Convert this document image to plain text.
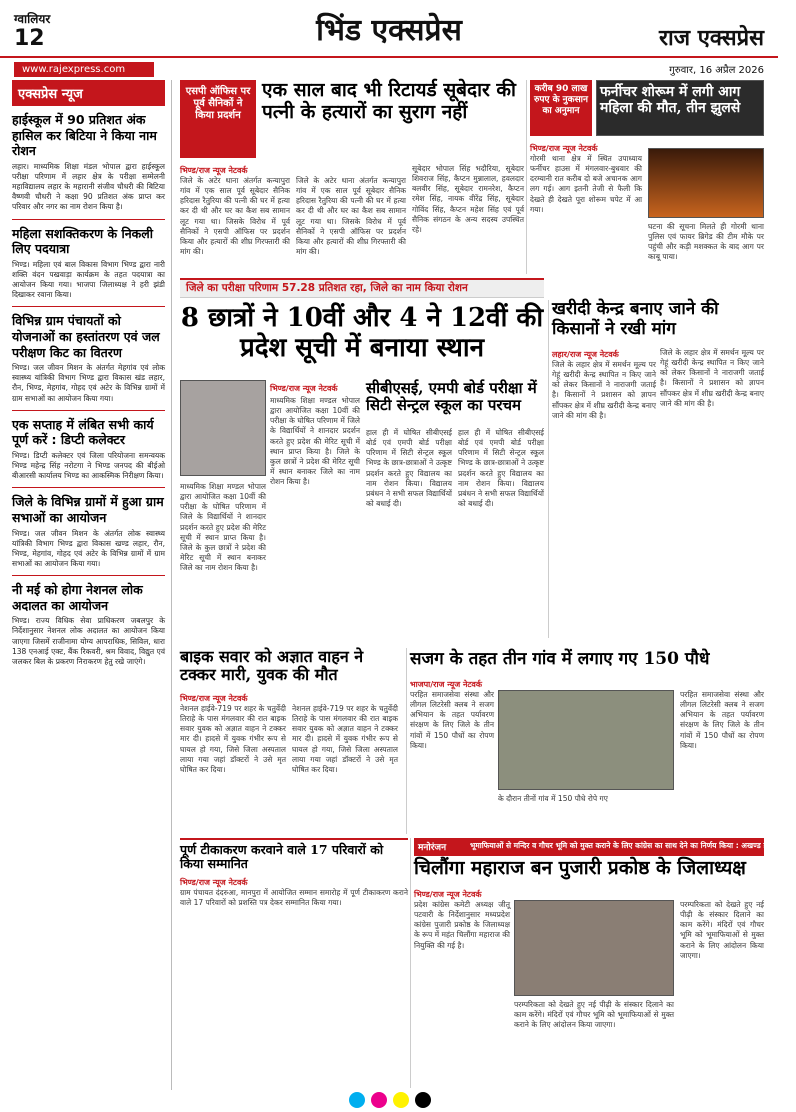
ग्वालियर
12	भिंड एक्सप्रेस	राज एक्सप्रेस
www.rajexpress.com	गुरुवार, 16 अप्रैल 2026
एक्सप्रेस न्यूज
हाईस्कूल में 90 प्रतिशत अंक हासिल कर बिटिया ने किया नाम रोशन
लहार। माध्यमिक शिक्षा मंडल भोपाल द्वारा हाईस्कूल परीक्षा परिणाम में लहार क्षेत्र के परीक्षा सम्मेलनी महाविद्यालय लहार के महारानी संजीव चौधरी की बिटिया वैष्णवी चौधरी ने कक्षा 90 प्रतिशत अंक प्राप्त कर परिवार और नगर का नाम रोशन किया है।
महिला सशक्तिकरण के निकली लिए पदयात्रा
भिण्ड। महिला एवं बाल विकास विभाग भिण्ड द्वारा नारी शक्ति वंदन पखवाड़ा कार्यक्रम के तहत पदयात्रा का आयोजन किया गया। भाजपा जिलाध्यक्ष ने हरी झंडी दिखाकर रवाना किया।
विभिन्न ग्राम पंचायतों को योजनाओं का हस्तांतरण एवं जल परीक्षण किट का वितरण
भिण्ड। जल जीवन मिशन के अंतर्गत मेहगांव एवं लोक स्वास्थ्य यांत्रिकी विभाग भिण्ड द्वारा विकास खंड लहार, रौन, भिण्ड, मेहगांव, गोहद एवं अटेर के विभिन्न ग्रामों में ग्राम सभाओं का आयोजन किया गया।
एक सप्ताह में लंबित सभी कार्य पूर्ण करें : डिप्टी कलेक्टर
भिण्ड। डिप्टी कलेक्टर एवं जिला परियोजना समन्वयक भिण्ड महेन्द्र सिंह नरोटगा ने भिण्ड जनपद की बीईओ बीआरसी कार्यालय भिण्ड का आकस्मिक निरीक्षण किया।
जिले के विभिन्न ग्रामों में हुआ ग्राम सभाओं का आयोजन
भिण्ड। जल जीवन मिशन के अंतर्गत लोक स्वास्थ्य यांत्रिकी विभाग भिण्ड द्वारा विकास खण्ड लहार, रौन, भिण्ड, मेहगांव, गोहद एवं अटेर के विभिन्न ग्रामों में ग्राम सभाओं का आयोजन किया गया।
नी मई को होगा नेशनल लोक अदालत का आयोजन
भिण्ड। राज्य विधिक सेवा प्राधिकरण जबलपुर के निर्देशानुसार नेशनल लोक अदालत का आयोजन किया जाएगा जिसमें राजीनामा योग्य आपराधिक, सिविल, धारा 138 एनआई एक्ट, बैंक रिकवरी, श्रम विवाद, विद्युत एवं जलकर बिल के प्रकरण निराकरण हेतु रखे जाएंगे।
एसपी ऑफिस पर पूर्व सैनिकों ने किया प्रदर्शन
एक साल बाद भी रिटायर्ड सूबेदार की पत्नी के हत्यारों का सुराग नहीं
भिण्ड/राज न्यूज नेटवर्क
जिले के अटेर थाना अंतर्गत कन्यापुरा गांव में एक साल पूर्व सूबेदार सैनिक हरिदास रैतुरिया की पत्नी की घर में हत्या कर दी थी और घर का कैश सब सामान लूट गया था। जिसके विरोध में पूर्व सैनिकों ने एसपी ऑफिस पर प्रदर्शन किया और हत्यारों की शीघ्र गिरफ्तारी की मांग की।
जिले के अटेर थाना अंतर्गत कन्यापुरा गांव में एक साल पूर्व सूबेदार सैनिक हरिदास रैतुरिया की पत्नी की घर में हत्या कर दी थी और घर का कैश सब सामान लूट गया था। जिसके विरोध में पूर्व सैनिकों ने एसपी ऑफिस पर प्रदर्शन किया और हत्यारों की शीघ्र गिरफ्तारी की मांग की।
सूबेदार भोपाल सिंह भदौरिया, सूबेदार शिवराज सिंह, कैप्टन मुन्नालाल, हवलदार बलवीर सिंह, सूबेदार रामनरेश, कैप्टन रमेश सिंह, नायक वीरेंद्र सिंह, सूबेदार गोविंद सिंह, कैप्टन महेश सिंह एवं पूर्व सैनिक संगठन के अन्य सदस्य उपस्थित रहे।
करीब 90 लाख रुपए के नुकसान का अनुमान
फर्नीचर शोरूम में लगी आग महिला की मौत, तीन झुलसे
भिण्ड/राज न्यूज नेटवर्क
गोरमी थाना क्षेत्र में स्थित उपाध्याय फर्नीचर हाउस में मंगलवार-बुधवार की दरम्यानी रात करीब दो बजे अचानक आग लग गई। आग इतनी तेजी से फैली कि देखते ही देखते पूरा शोरूम चपेट में आ गया।
घटना की सूचना मिलते ही गोरमी थाना पुलिस एवं फायर ब्रिगेड की टीम मौके पर पहुंची और कड़ी मशक्कत के बाद आग पर काबू पाया।
जिले का परीक्षा परिणाम 57.28 प्रतिशत रहा, जिले का नाम किया रोशन
8 छात्रों ने 10वीं और 4 ने 12वीं की प्रदेश सूची में बनाया स्थान
भिण्ड/राज न्यूज नेटवर्क
माध्यमिक शिक्षा मण्डल भोपाल द्वारा आयोजित कक्षा 10वीं की परीक्षा के घोषित परिणाम में जिले के विद्यार्थियों ने शानदार प्रदर्शन करते हुए प्रदेश की मेरिट सूची में स्थान प्राप्त किया है। जिले के कुल छात्रों ने प्रदेश की मेरिट सूची में स्थान बनाकर जिले का नाम रोशन किया है।
सीबीएसई, एमपी बोर्ड परीक्षा में सिटी सेन्ट्रल स्कूल का परचम
हाल ही में घोषित सीबीएसई बोर्ड एवं एमपी बोर्ड परीक्षा परिणाम में सिटी सेन्ट्रल स्कूल भिण्ड के छात्र-छात्राओं ने उत्कृष्ट प्रदर्शन करते हुए विद्यालय का नाम रोशन किया। विद्यालय प्रबंधन ने सभी सफल विद्यार्थियों को बधाई दी।
हाल ही में घोषित सीबीएसई बोर्ड एवं एमपी बोर्ड परीक्षा परिणाम में सिटी सेन्ट्रल स्कूल भिण्ड के छात्र-छात्राओं ने उत्कृष्ट प्रदर्शन करते हुए विद्यालय का नाम रोशन किया। विद्यालय प्रबंधन ने सभी सफल विद्यार्थियों को बधाई दी।
माध्यमिक शिक्षा मण्डल भोपाल द्वारा आयोजित कक्षा 10वीं की परीक्षा के घोषित परिणाम में जिले के विद्यार्थियों ने शानदार प्रदर्शन करते हुए प्रदेश की मेरिट सूची में स्थान प्राप्त किया है। जिले के कुल छात्रों ने प्रदेश की मेरिट सूची में स्थान बनाकर जिले का नाम रोशन किया है।
खरीदी केन्द्र बनाए जाने की किसानों ने रखी मांग
लहार/राज न्यूज नेटवर्क
जिले के लहार क्षेत्र में समर्थन मूल्य पर गेहूं खरीदी केन्द्र स्थापित न किए जाने को लेकर किसानों ने नाराजगी जताई है। किसानों ने प्रशासन को ज्ञापन सौंपकर क्षेत्र में शीघ्र खरीदी केन्द्र बनाए जाने की मांग की है।
जिले के लहार क्षेत्र में समर्थन मूल्य पर गेहूं खरीदी केन्द्र स्थापित न किए जाने को लेकर किसानों ने नाराजगी जताई है। किसानों ने प्रशासन को ज्ञापन सौंपकर क्षेत्र में शीघ्र खरीदी केन्द्र बनाए जाने की मांग की है।
बाइक सवार को अज्ञात वाहन ने टक्कर मारी, युवक की मौत
भिण्ड/राज न्यूज नेटवर्क
नेशनल हाईवे-719 पर शहर के चतुर्वेदी तिराहे के पास मंगलवार की रात बाइक सवार युवक को अज्ञात वाहन ने टक्कर मार दी। हादसे में युवक गंभीर रूप से घायल हो गया, जिसे जिला अस्पताल लाया गया जहां डॉक्टरों ने उसे मृत घोषित कर दिया।
नेशनल हाईवे-719 पर शहर के चतुर्वेदी तिराहे के पास मंगलवार की रात बाइक सवार युवक को अज्ञात वाहन ने टक्कर मार दी। हादसे में युवक गंभीर रूप से घायल हो गया, जिसे जिला अस्पताल लाया गया जहां डॉक्टरों ने उसे मृत घोषित कर दिया।
सजग के तहत तीन गांव में लगाए गए 150 पौधे
भाजपा/राज न्यूज नेटवर्क
परहित समाजसेवा संस्था और लीगल लिटरेसी क्लब ने सजग अभियान के तहत पर्यावरण संरक्षण के लिए जिले के तीन गांवों में 150 पौधों का रोपण किया।
के दौरान तीनों गांव में 150 पौधे रोपे गए
परहित समाजसेवा संस्था और लीगल लिटरेसी क्लब ने सजग अभियान के तहत पर्यावरण संरक्षण के लिए जिले के तीन गांवों में 150 पौधों का रोपण किया।
पूर्ण टीकाकरण करवाने वाले 17 परिवारों को किया सम्मानित
भिण्ड/राज न्यूज नेटवर्क
ग्राम पंचायत दंदरुआ, मानपुरा में आयोजित सम्मान समारोह में पूर्ण टीकाकरण कराने वाले 17 परिवारों को प्रशस्ति पत्र देकर सम्मानित किया गया।
मनोरंजन	भूमाफियाओं से मन्दिर व गौचर भूमि को मुक्त कराने के लिए कांग्रेस का साथ देने का निर्णय किया : अखण्ड हरि महाराज
चिलौंगा महाराज बन पुजारी प्रकोष्ठ के जिलाध्यक्ष
भिण्ड/राज न्यूज नेटवर्क
प्रदेश कांग्रेस कमेटी अध्यक्ष जीतू पटवारी के निर्देशानुसार मध्यप्रदेश कांग्रेस पुजारी प्रकोष्ठ के जिलाध्यक्ष के रूप में महंत चिलौंगा महाराज की नियुक्ति की गई है।
परम्परिकता को देखते हुए नई पीढ़ी के संस्कार दिलाने का काम करेंगे। मंदिरों एवं गौचर भूमि को भूमाफियाओं से मुक्त कराने के लिए आंदोलन किया जाएगा।
परम्परिकता को देखते हुए नई पीढ़ी के संस्कार दिलाने का काम करेंगे। मंदिरों एवं गौचर भूमि को भूमाफियाओं से मुक्त कराने के लिए आंदोलन किया जाएगा।
